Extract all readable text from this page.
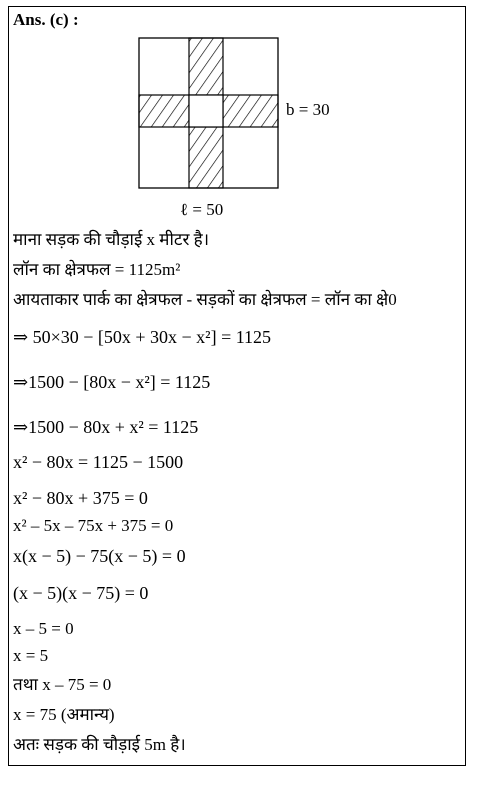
Ans. (c) :
b = 30
ℓ = 50
माना सड़क की चौड़ाई x मीटर है।
लॉन का क्षेत्रफल = 1125m²
आयताकार पार्क का क्षेत्रफल - सड़कों का क्षेत्रफल = लॉन का क्षे0
⇒ 50×30 − [50x + 30x − x²] = 1125
⇒1500 − [80x − x²] = 1125
⇒1500 − 80x + x² = 1125
x² − 80x = 1125 − 1500
x² − 80x + 375 = 0
x² – 5x – 75x + 375 = 0
x(x − 5) − 75(x − 5) = 0
(x − 5)(x − 75) = 0
x – 5 = 0
x = 5
तथा x – 75 = 0
x = 75 (अमान्य)
अतः सड़क की चौड़ाई 5m है।
